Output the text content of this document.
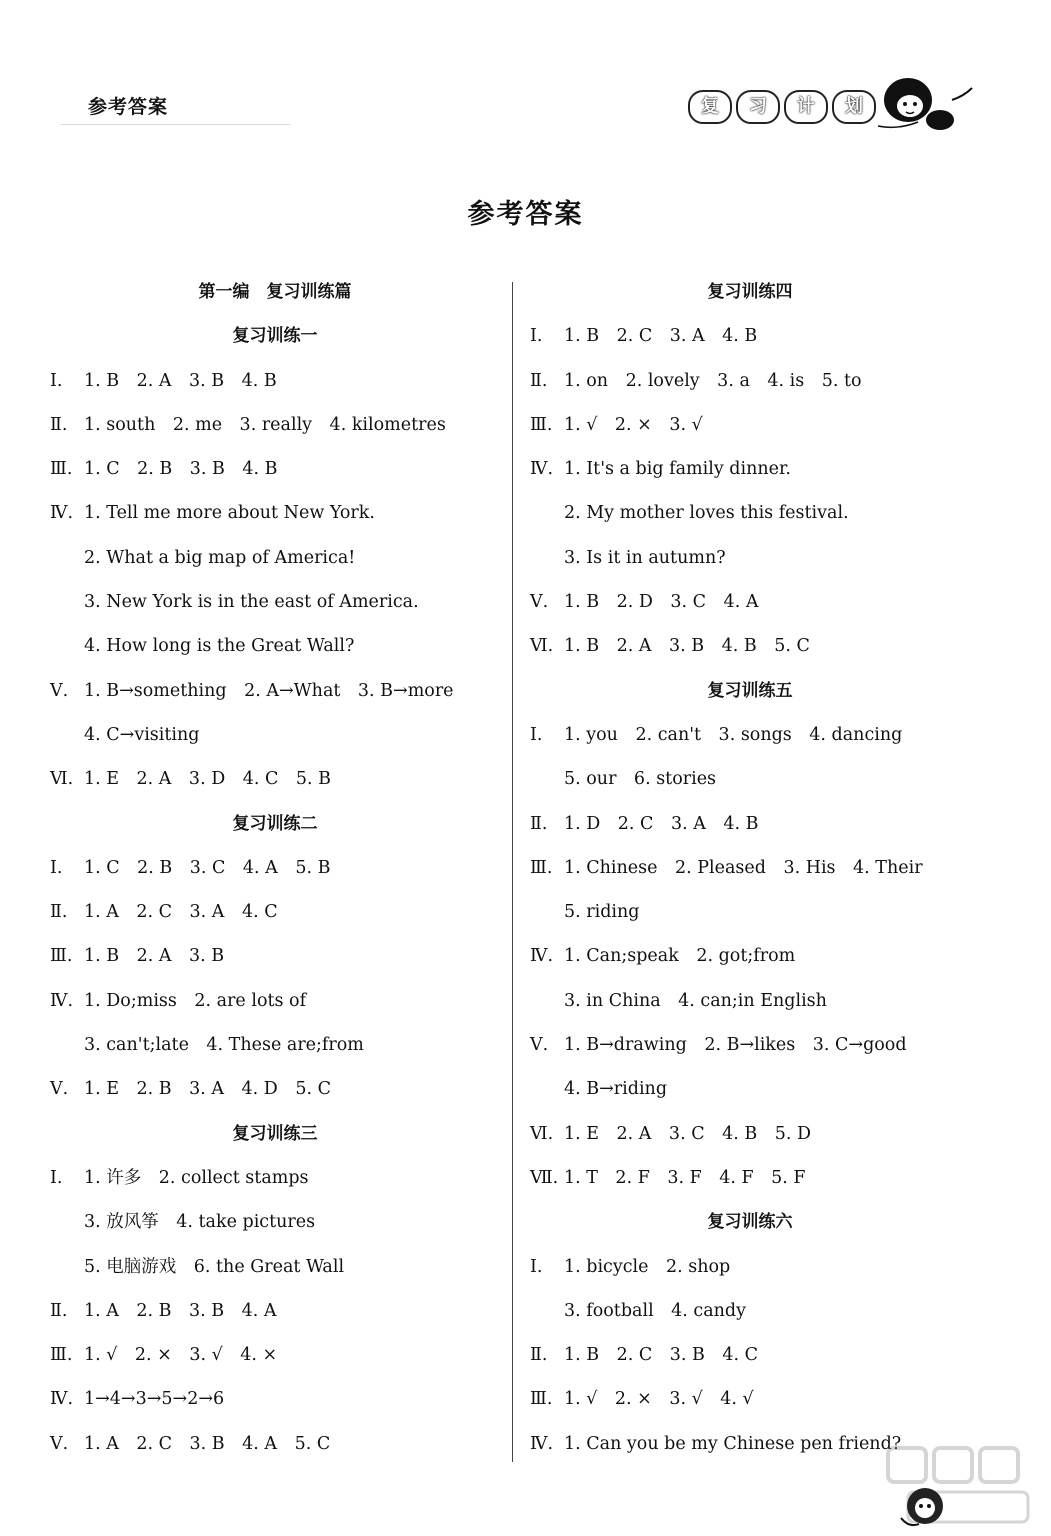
参考答案	复	习	计	划
参考答案
第一编　复习训练篇
复习训练一
Ⅰ. 1. B　2. A　3. B　4. B
Ⅱ. 1. south　2. me　3. really　4. kilometres
Ⅲ. 1. C　2. B　3. B　4. B
Ⅳ. 1. Tell me more about New York.
2. What a big map of America!
3. New York is in the east of America.
4. How long is the Great Wall?
Ⅴ. 1. B→something　2. A→What　3. B→more
4. C→visiting
Ⅵ. 1. E　2. A　3. D　4. C　5. B
复习训练二
Ⅰ. 1. C　2. B　3. C　4. A　5. B
Ⅱ. 1. A　2. C　3. A　4. C
Ⅲ. 1. B　2. A　3. B
Ⅳ. 1. Do;miss　2. are lots of
3. can't;late　4. These are;from
Ⅴ. 1. E　2. B　3. A　4. D　5. C
复习训练三
Ⅰ. 1. 许多　2. collect stamps
3. 放风筝　4. take pictures
5. 电脑游戏　6. the Great Wall
Ⅱ. 1. A　2. B　3. B　4. A
Ⅲ. 1. √　2. ×　3. √　4. ×
Ⅳ. 1→4→3→5→2→6
Ⅴ. 1. A　2. C　3. B　4. A　5. C
复习训练四
Ⅰ. 1. B　2. C　3. A　4. B
Ⅱ. 1. on　2. lovely　3. a　4. is　5. to
Ⅲ. 1. √　2. ×　3. √
Ⅳ. 1. It's a big family dinner.
2. My mother loves this festival.
3. Is it in autumn?
Ⅴ. 1. B　2. D　3. C　4. A
Ⅵ. 1. B　2. A　3. B　4. B　5. C
复习训练五
Ⅰ. 1. you　2. can't　3. songs　4. dancing
5. our　6. stories
Ⅱ. 1. D　2. C　3. A　4. B
Ⅲ. 1. Chinese　2. Pleased　3. His　4. Their
5. riding
Ⅳ. 1. Can;speak　2. got;from
3. in China　4. can;in English
Ⅴ. 1. B→drawing　2. B→likes　3. C→good
4. B→riding
Ⅵ. 1. E　2. A　3. C　4. B　5. D
Ⅶ. 1. T　2. F　3. F　4. F　5. F
复习训练六
Ⅰ. 1. bicycle　2. shop
3. football　4. candy
Ⅱ. 1. B　2. C　3. B　4. C
Ⅲ. 1. √　2. ×　3. √　4. √
Ⅳ. 1. Can you be my Chinese pen friend?
